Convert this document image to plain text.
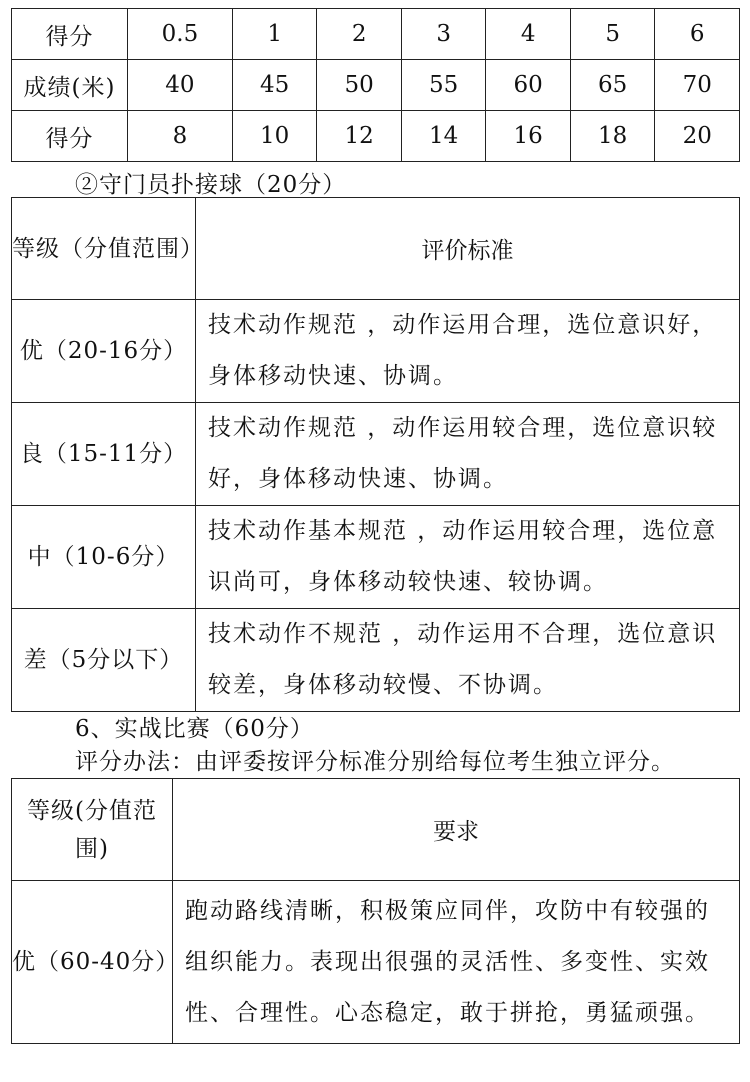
得分	0.5	1	2	3	4	5	6
成绩(米)	40	45	50	55	60	65	70
得分	8	10	12	14	16	18	20
②守门员扑接球（20分）
等级（分值范围）	评价标准
优（20-16分）	技术动作规范 ，动作运用合理，选位意识好，身体移动快速、协调。
良（15-11分）	技术动作规范 ，动作运用较合理，选位意识较好，身体移动快速、协调。
中（10-6分）	技术动作基本规范 ，动作运用较合理，选位意识尚可，身体移动较快速、较协调。
差（5分以下）	技术动作不规范 ，动作运用不合理，选位意识较差，身体移动较慢、不协调。
6、实战比赛（60分）
评分办法：由评委按评分标准分别给每位考生独立评分。
等级(分值范围)	要求
优（60-40分）	跑动路线清晰，积极策应同伴，攻防中有较强的组织能力。表现出很强的灵活性、多变性、实效性、合理性。心态稳定，敢于拼抢，勇猛顽强。
